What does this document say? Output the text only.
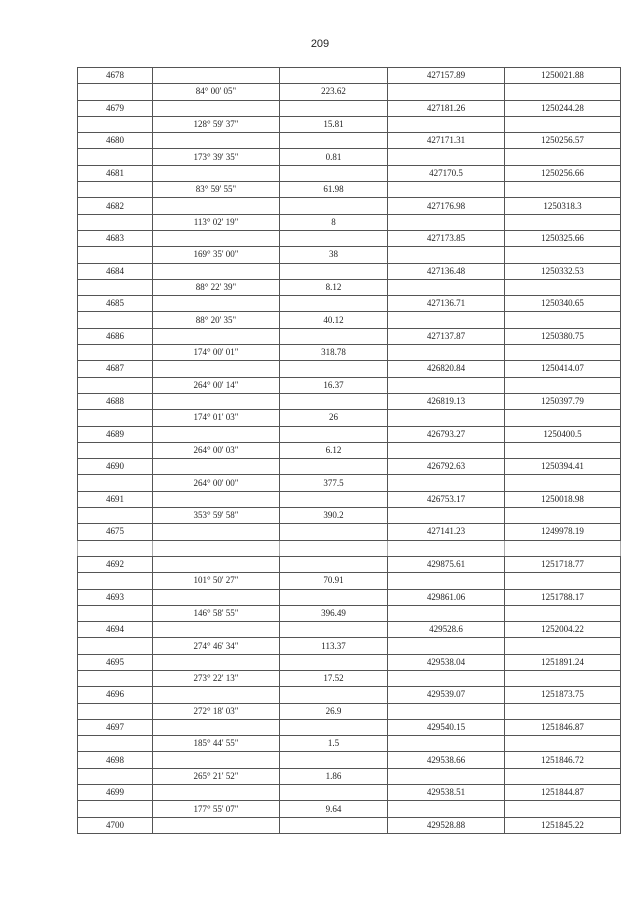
209
4678			427157.89	1250021.88
	84° 00' 05"	223.62		
4679			427181.26	1250244.28
	128° 59' 37"	15.81		
4680			427171.31	1250256.57
	173° 39' 35"	0.81		
4681			427170.5	1250256.66
	83° 59' 55"	61.98		
4682			427176.98	1250318.3
	113° 02' 19"	8		
4683			427173.85	1250325.66
	169° 35' 00"	38		
4684			427136.48	1250332.53
	88° 22' 39"	8.12		
4685			427136.71	1250340.65
	88° 20' 35"	40.12		
4686			427137.87	1250380.75
	174° 00' 01"	318.78		
4687			426820.84	1250414.07
	264° 00' 14"	16.37		
4688			426819.13	1250397.79
	174° 01' 03"	26		
4689			426793.27	1250400.5
	264° 00' 03"	6.12		
4690			426792.63	1250394.41
	264° 00' 00"	377.5		
4691			426753.17	1250018.98
	353° 59' 58"	390.2		
4675			427141.23	1249978.19

4692			429875.61	1251718.77
	101° 50' 27"	70.91		
4693			429861.06	1251788.17
	146° 58' 55"	396.49		
4694			429528.6	1252004.22
	274° 46' 34"	113.37		
4695			429538.04	1251891.24
	273° 22' 13"	17.52		
4696			429539.07	1251873.75
	272° 18' 03"	26.9		
4697			429540.15	1251846.87
	185° 44' 55"	1.5		
4698			429538.66	1251846.72
	265° 21' 52"	1.86		
4699			429538.51	1251844.87
	177° 55' 07"	9.64		
4700			429528.88	1251845.22
